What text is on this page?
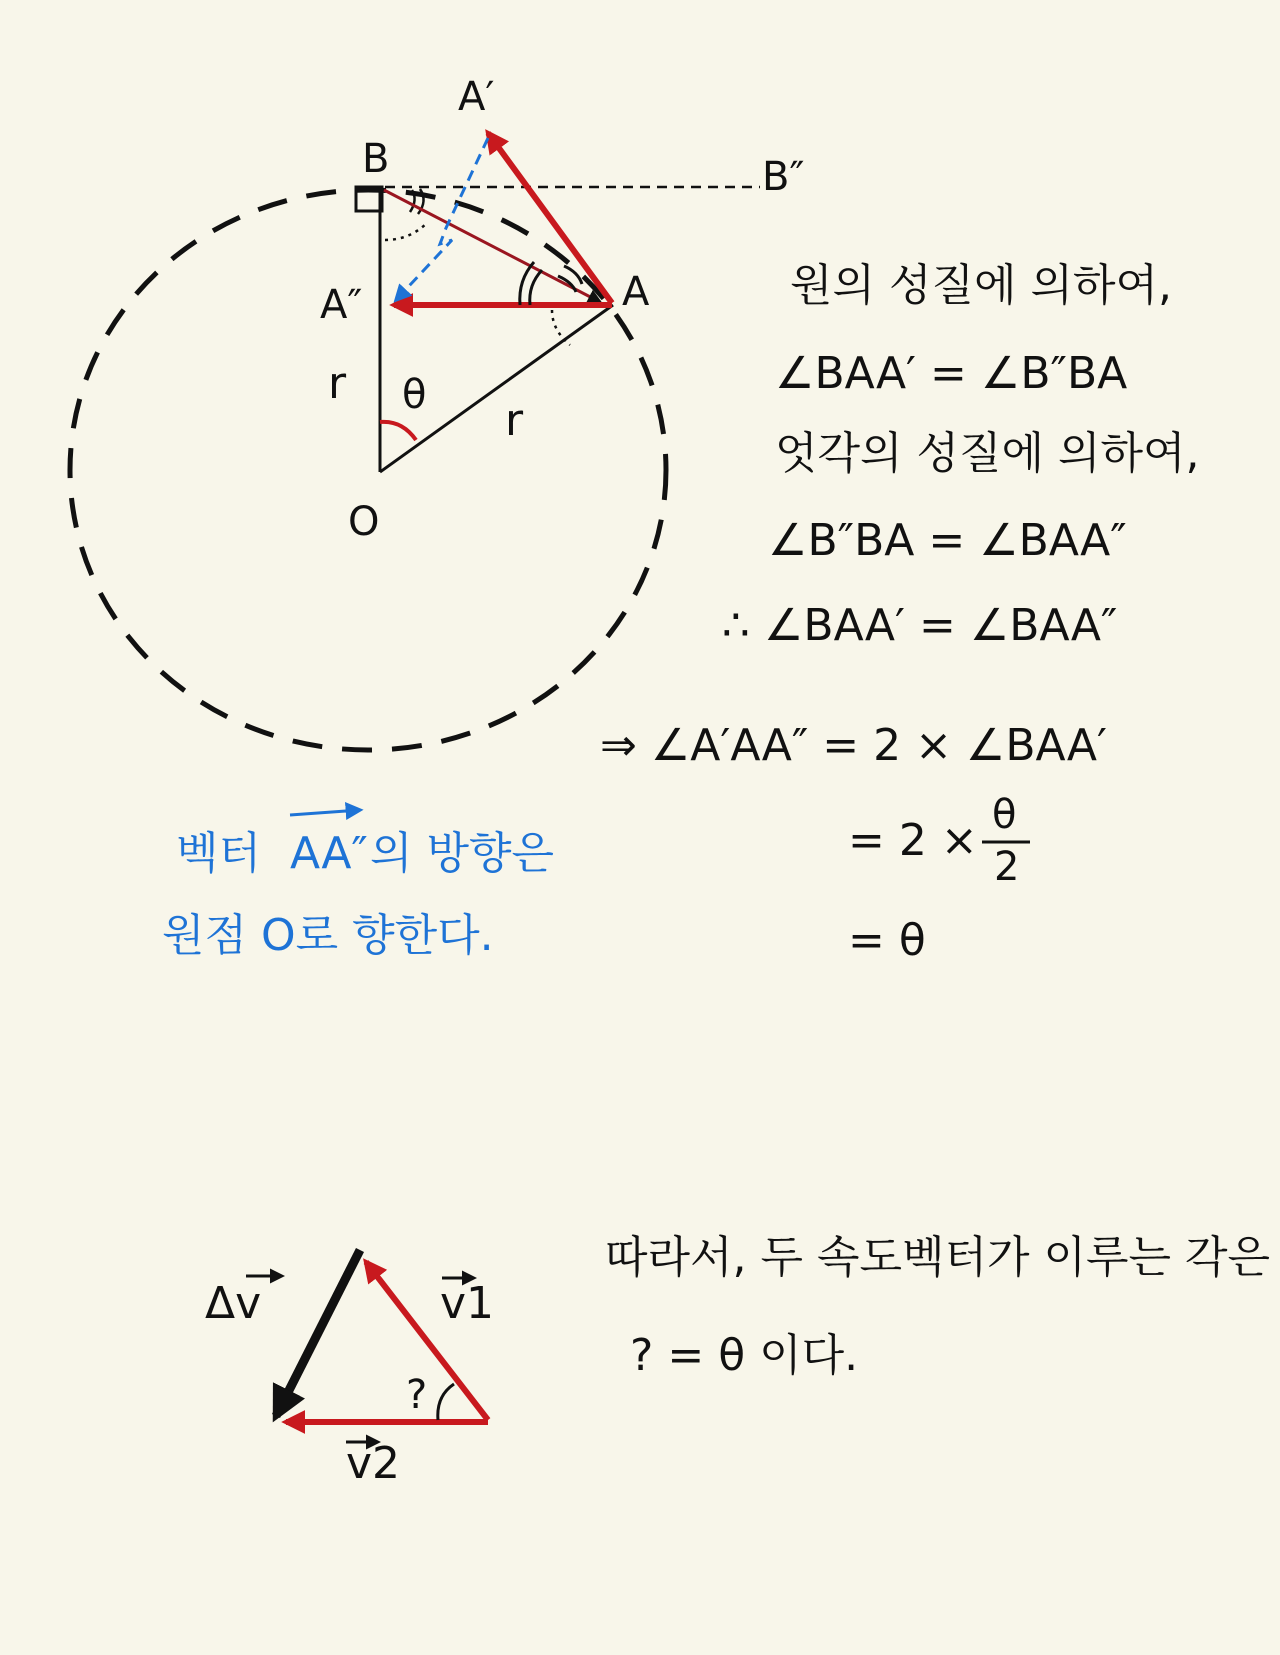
A′
B	B″
A
A″
O
r
r
θ
원의 성질에 의하여,
∠BAA′ = ∠B″BA
엇각의 성질에 의하여,
∠B″BA = ∠BAA″
∴ ∠BAA′ = ∠BAA″
⇒ ∠A′AA″ = 2 × ∠BAA′
= 2 × θ
2
= θ
벡터 AA″ 의 방향은
원점 O로 향한다.
Δv	v1
v2
?
따라서, 두 속도벡터가 이루는 각은
? = θ 이다.
